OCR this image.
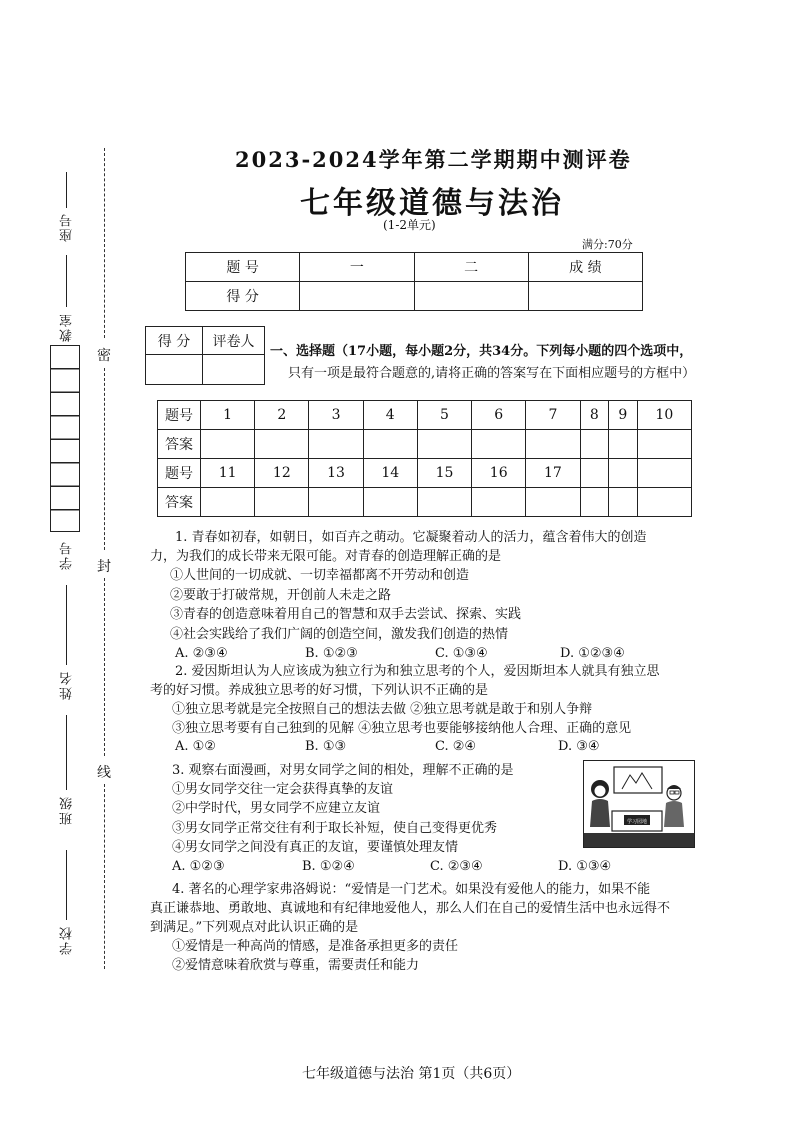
学校
班级
姓名
学号
教室
座号
密
封
线
2023-2024学年第二学期期中测评卷
七年级道德与法治
(1-2单元)
满分:70分
题 号	一	二	成 绩
得 分			
得 分	评卷人

一、选择题（17小题，每小题2分，共34分。下列每小题的四个选项中，
只有一项是最符合题意的,请将正确的答案写在下面相应题号的方框中）
题号	1	2	3	4	5	6	7	8	9	10
答案										
题号	11	12	13	14	15	16	17			
答案										
1. 青春如初春，如朝日，如百卉之萌动。它凝聚着动人的活力，蕴含着伟大的创造
力，为我们的成长带来无限可能。对青春的创造理解正确的是
①人世间的一切成就、一切幸福都离不开劳动和创造
②要敢于打破常规，开创前人未走之路
③青春的创造意味着用自己的智慧和双手去尝试、探索、实践
④社会实践给了我们广阔的创造空间，激发我们创造的热情
A. ②③④	B. ①②③	C. ①③④	D. ①②③④
2. 爱因斯坦认为人应该成为独立行为和独立思考的个人，爱因斯坦本人就具有独立思
考的好习惯。养成独立思考的好习惯，下列认识不正确的是
①独立思考就是完全按照自己的想法去做 ②独立思考就是敢于和别人争辩
③独立思考要有自己独到的见解 ④独立思考也要能够接纳他人合理、正确的意见
A. ①②	B. ①③	C. ②④	D. ③④
3. 观察右面漫画，对男女同学之间的相处，理解不正确的是
①男女同学交往一定会获得真挚的友谊
②中学时代，男女同学不应建立友谊
③男女同学正常交往有利于取长补短，使自己变得更优秀
④男女同学之间没有真正的友谊，要谨慎处理友情
A. ①②③	B. ①②④	C. ②③④	D. ①③④
学习园地
4. 著名的心理学家弗洛姆说：“爱情是一门艺术。如果没有爱他人的能力，如果不能
真正谦恭地、勇敢地、真诚地和有纪律地爱他人，那么人们在自己的爱情生活中也永远得不
到满足。”下列观点对此认识正确的是
①爱情是一种高尚的情感，是准备承担更多的责任
②爱情意味着欣赏与尊重，需要责任和能力
七年级道德与法治 第1页（共6页）
